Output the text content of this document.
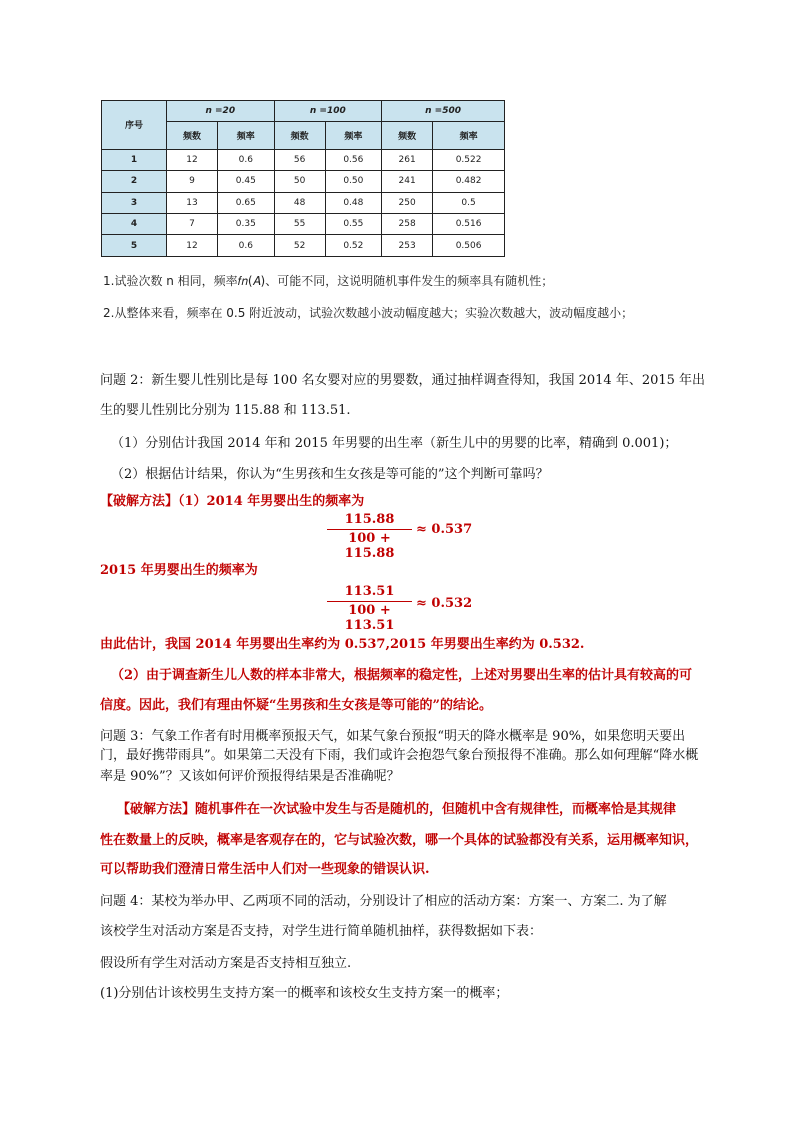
序号	n =20		n =100		n =500	
	频数	频率	频数	频率	频数	频率
1	12	0.6	56	0.56	261	0.522
2	9	0.45	50	0.50	241	0.482
3	13	0.65	48	0.48	250	0.5
4	7	0.35	55	0.55	258	0.516
5	12	0.6	52	0.52	253	0.506
1.试验次数 n 相同，频率𝑓𝑛(𝐴)、可能不同，这说明随机事件发生的频率具有随机性；
2.从整体来看，频率在 0.5 附近波动，试验次数越小波动幅度越大；实验次数越大，波动幅度越小；
问题 2：新生婴儿性别比是每 100 名女婴对应的男婴数，通过抽样调查得知，我国 2014 年、2015 年出
生的婴儿性别比分别为 115.88 和 113.51.
（1）分别估计我国 2014 年和 2015 年男婴的出生率（新生儿中的男婴的比率，精确到 0.001)；
（2）根据估计结果，你认为“生男孩和生女孩是等可能的”这个判断可靠吗？
【破解方法】（1）2014 年男婴出生的频率为
115.88
100 + 115.88
≈ 0.537
2015 年男婴出生的频率为
113.51
100 + 113.51
≈ 0.532
由此估计，我国 2014 年男婴出生率约为 0.537,2015 年男婴出生率约为 0.532.
（2）由于调查新生儿人数的样本非常大，根据频率的稳定性，上述对男婴出生率的估计具有较高的可
信度。因此，我们有理由怀疑“生男孩和生女孩是等可能的”的结论。
问题 3：气象工作者有时用概率预报天气，如某气象台预报“明天的降水概率是 90%，如果您明天要出
门，最好携带雨具”。如果第二天没有下雨，我们或许会抱怨气象台预报得不准确。那么如何理解“降水概
率是 90%”？又该如何评价预报得结果是否准确呢？
【破解方法】随机事件在一次试验中发生与否是随机的，但随机中含有规律性，而概率恰是其规律
性在数量上的反映，概率是客观存在的，它与试验次数，哪一个具体的试验都没有关系，运用概率知识，
可以帮助我们澄清日常生活中人们对一些现象的错误认识.
问题 4：某校为举办甲、乙两项不同的活动，分别设计了相应的活动方案：方案一、方案二. 为了解
该校学生对活动方案是否支持，对学生进行简单随机抽样，获得数据如下表：
假设所有学生对活动方案是否支持相互独立.
(1)分别估计该校男生支持方案一的概率和该校女生支持方案一的概率；
